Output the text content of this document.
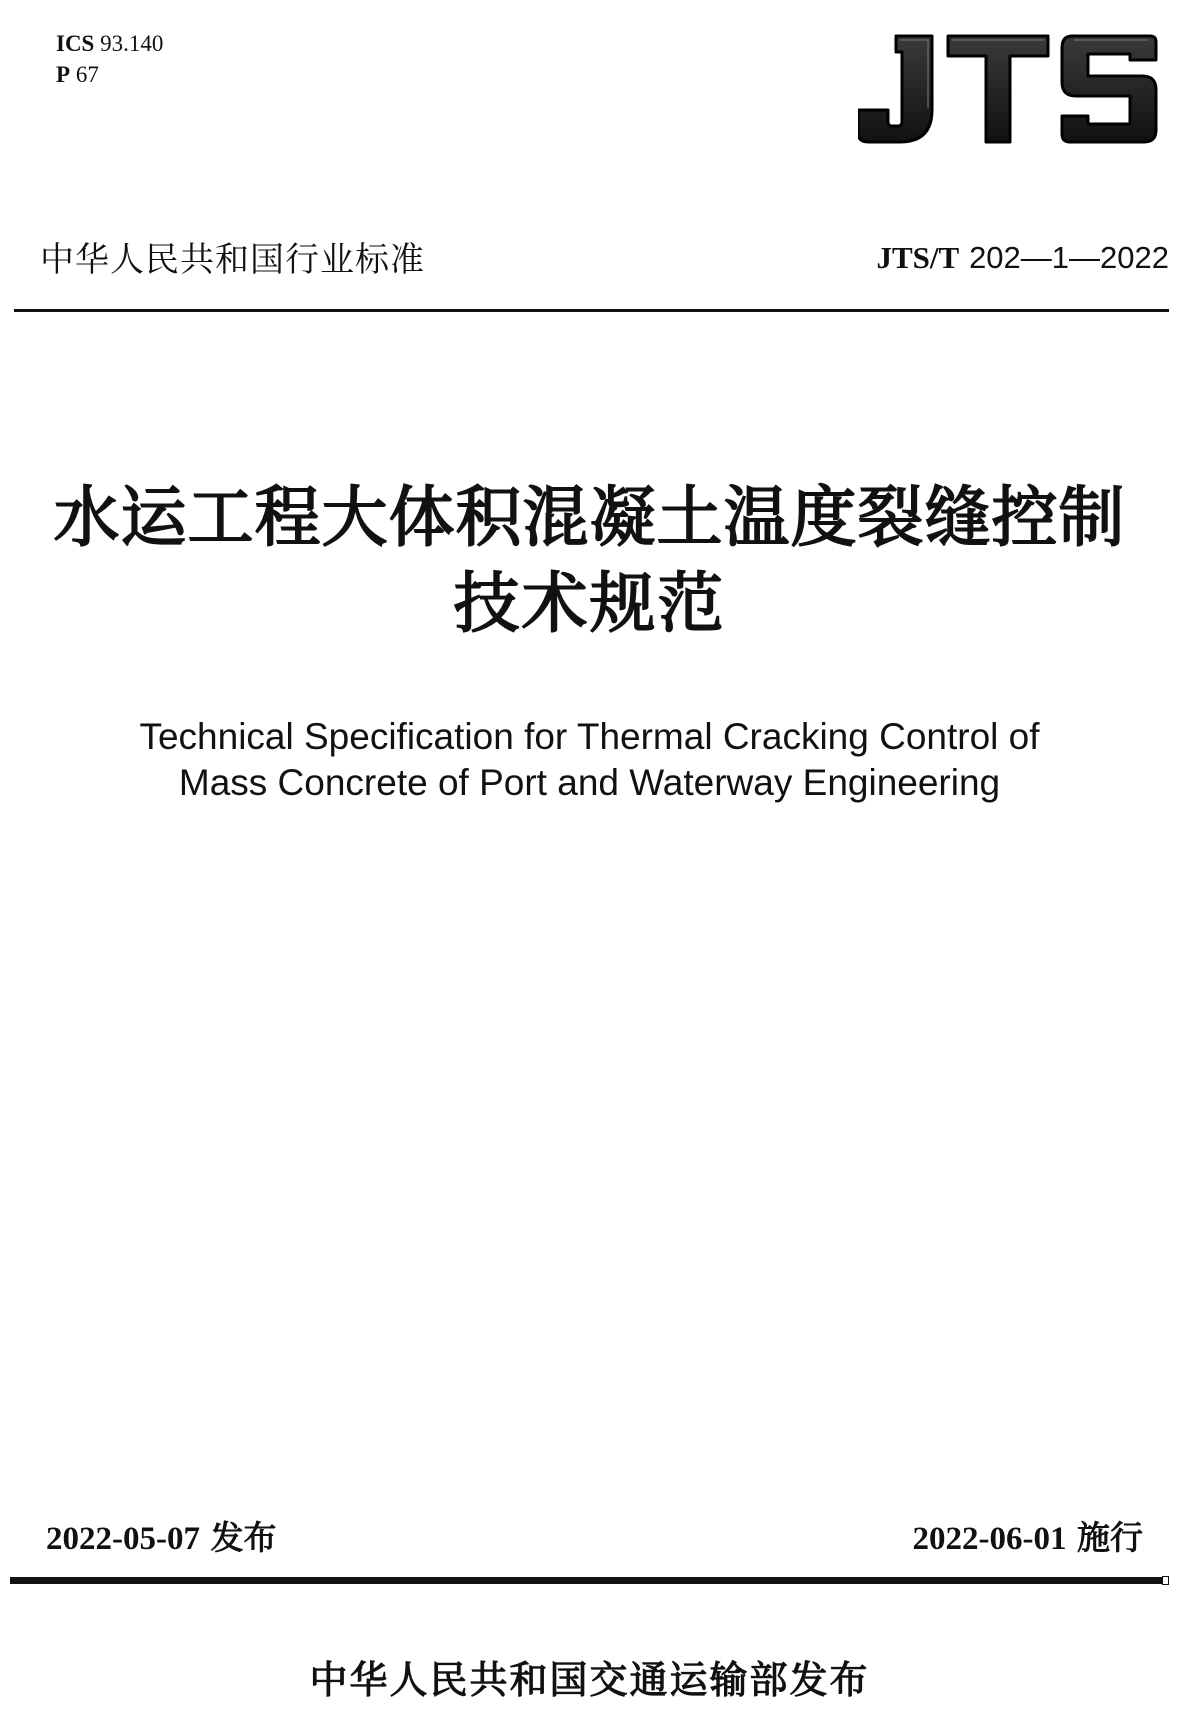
ICS 93.140
P 67
中华人民共和国行业标准	JTS/T 202—1—2022
水运工程大体积混凝土温度裂缝控制
技术规范
Technical Specification for Thermal Cracking Control of
Mass Concrete of Port and Waterway Engineering
2022-05-07 发布	2022-06-01 施行
中华人民共和国交通运输部发布
